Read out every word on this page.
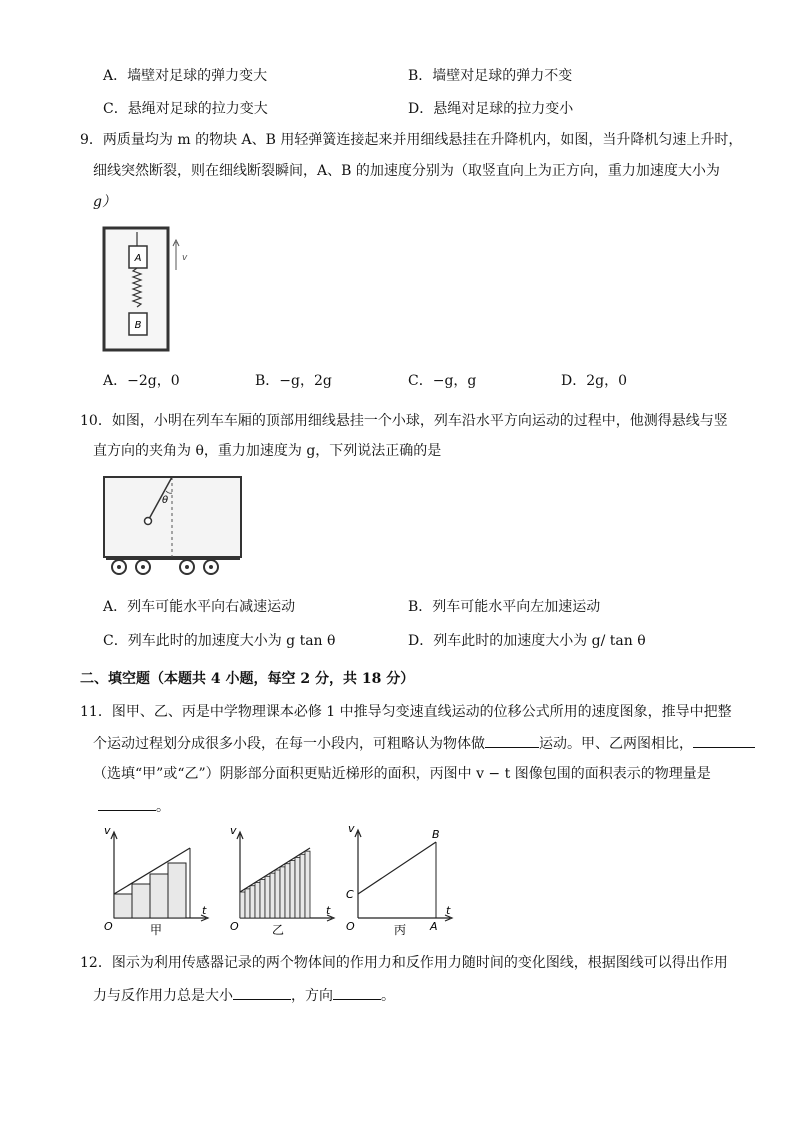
A．墙壁对足球的弹力变大	B．墙壁对足球的弹力不变
C．悬绳对足球的拉力变大	D．悬绳对足球的拉力变小
9．两质量均为 m 的物块 A、B 用轻弹簧连接起来并用细线悬挂在升降机内，如图，当升降机匀速上升时，
细线突然断裂，则在细线断裂瞬间，A、B 的加速度分别为（取竖直向上为正方向，重力加速度大小为
g）
A
B
v
A．−2g，0	B．−g，2g	C．−g，g	D．2g，0
10．如图，小明在列车车厢的顶部用细线悬挂一个小球，列车沿水平方向运动的过程中，他测得悬线与竖
直方向的夹角为 θ，重力加速度为 g，下列说法正确的是
θ
A．列车可能水平向右减速运动	B．列车可能水平向左加速运动
C．列车此时的加速度大小为 g tan θ	D．列车此时的加速度大小为 g/ tan θ
二、填空题（本题共 4 小题，每空 2 分，共 18 分）
11．图甲、乙、丙是中学物理课本必修 1 中推导匀变速直线运动的位移公式所用的速度图象，推导中把整
个运动过程划分成很多小段，在每一小段内，可粗略认为物体做	运动。甲、乙两图相比，
（选填“甲”或“乙”）阴影部分面积更贴近梯形的面积，丙图中 v − t 图像包围的面积表示的物理量是
。
v
t
O	甲
v
t
O	乙
v
t
O
C
B
A
丙
12．图示为利用传感器记录的两个物体间的作用力和反作用力随时间的变化图线，根据图线可以得出作用
力与反作用力总是大小	，方向	。
